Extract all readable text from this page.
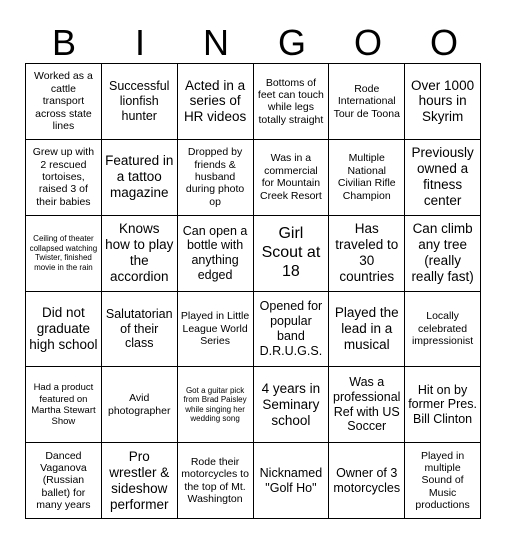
B	I	N	G	O	O
Worked as a cattle transport across state lines
Successful lionfish hunter
Acted in a series of HR videos
Bottoms of feet can touch while legs totally straight
Rode International Tour de Toona
Over 1000 hours in Skyrim
Grew up with 2 rescued tortoises, raised 3 of their babies
Featured in a tattoo magazine
Dropped by friends & husband during photo op
Was in a commercial for Mountain Creek Resort
Multiple National Civilian Rifle Champion
Previously owned a fitness center
Ceiling of theater collapsed watching Twister, finished movie in the rain
Knows how to play the accordion
Can open a bottle with anything edged
Girl Scout at 18
Has traveled to 30 countries
Can climb any tree (really really fast)
Did not graduate high school
Salutatorian of their class
Played in Little League World Series
Opened for popular band D.R.U.G.S.
Played the lead in a musical
Locally celebrated impressionist
Had a product featured on Martha Stewart Show
Avid photographer
Got a guitar pick from Brad Paisley while singing her wedding song
4 years in Seminary school
Was a professional Ref with US Soccer
Hit on by former Pres. Bill Clinton
Danced Vaganova (Russian ballet) for many years
Pro wrestler & sideshow performer
Rode their motorcycles to the top of Mt. Washington
Nicknamed "Golf Ho"
Owner of 3 motorcycles
Played in multiple Sound of Music productions
